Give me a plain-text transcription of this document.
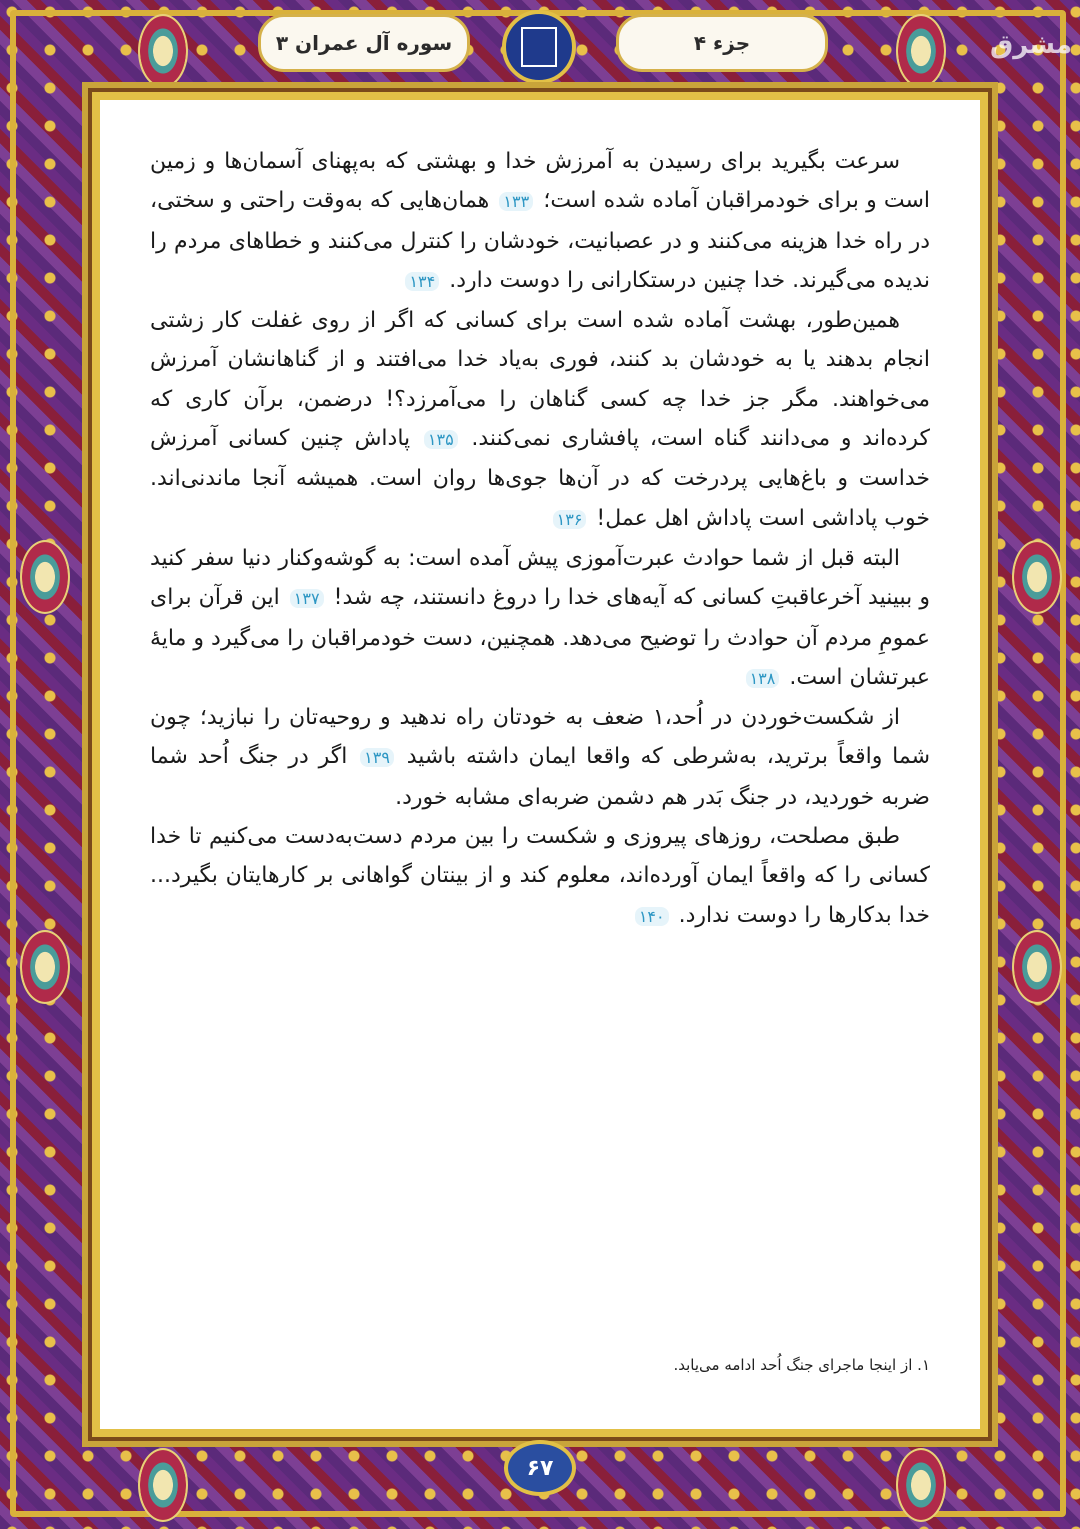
سوره آل عمران ۳	جزء ۴	مشرق

سرعت بگیرید برای رسیدن به آمرزش خدا و بهشتی که به‌پهنای آسمان‌ها و زمین است و برای خودمراقبان آماده شده است؛ ۱۳۳ همان‌هایی که به‌وقت راحتی و سختی، در راه خدا هزینه می‌کنند و در عصبانیت، خودشان را کنترل می‌کنند و خطاهای مردم را ندیده می‌گیرند. خدا چنین درستکارانی را دوست دارد. ۱۳۴

همین‌طور، بهشت آماده شده است برای کسانی که اگر از روی غفلت کار زشتی انجام بدهند یا به خودشان بد کنند، فوری به‌یاد خدا می‌افتند و از گناهانشان آمرزش می‌خواهند. مگر جز خدا چه کسی گناهان را می‌آمرزد؟! درضمن، برآن کاری که کرده‌اند و می‌دانند گناه است، پافشاری نمی‌کنند. ۱۳۵ پاداش چنین کسانی آمرزش خداست و باغ‌هایی پردرخت که در آن‌ها جوی‌ها روان است. همیشه آنجا ماندنی‌اند. خوب پاداشی است پاداش اهل عمل! ۱۳۶

البته قبل از شما حوادث عبرت‌آموزی پیش آمده است: به گوشه‌وکنار دنیا سفر کنید و ببینید آخرعاقبتِ کسانی که آیه‌های خدا را دروغ دانستند، چه شد! ۱۳۷ این قرآن برای عمومِ مردم آن حوادث را توضیح می‌دهد. همچنین، دست خودمراقبان را می‌گیرد و مایهٔ عبرتشان است. ۱۳۸

از شکست‌خوردن در اُحد،۱ ضعف به خودتان راه ندهید و روحیه‌تان را نبازید؛ چون شما واقعاً برترید، به‌شرطی که واقعا ایمان داشته باشید ۱۳۹ اگر در جنگ اُحد شما ضربه خوردید، در جنگ بَدر هم دشمن ضربه‌ای مشابه خورد.

طبق مصلحت، روزهای پیروزی و شکست را بین مردم دست‌به‌دست می‌کنیم تا خدا کسانی را که واقعاً ایمان آورده‌اند، معلوم کند و از بینتان گواهانی بر کارهایتان بگیرد... خدا بدکارها را دوست ندارد. ۱۴۰

۱. از اینجا ماجرای جنگ اُحد ادامه می‌یابد.
۶۷
